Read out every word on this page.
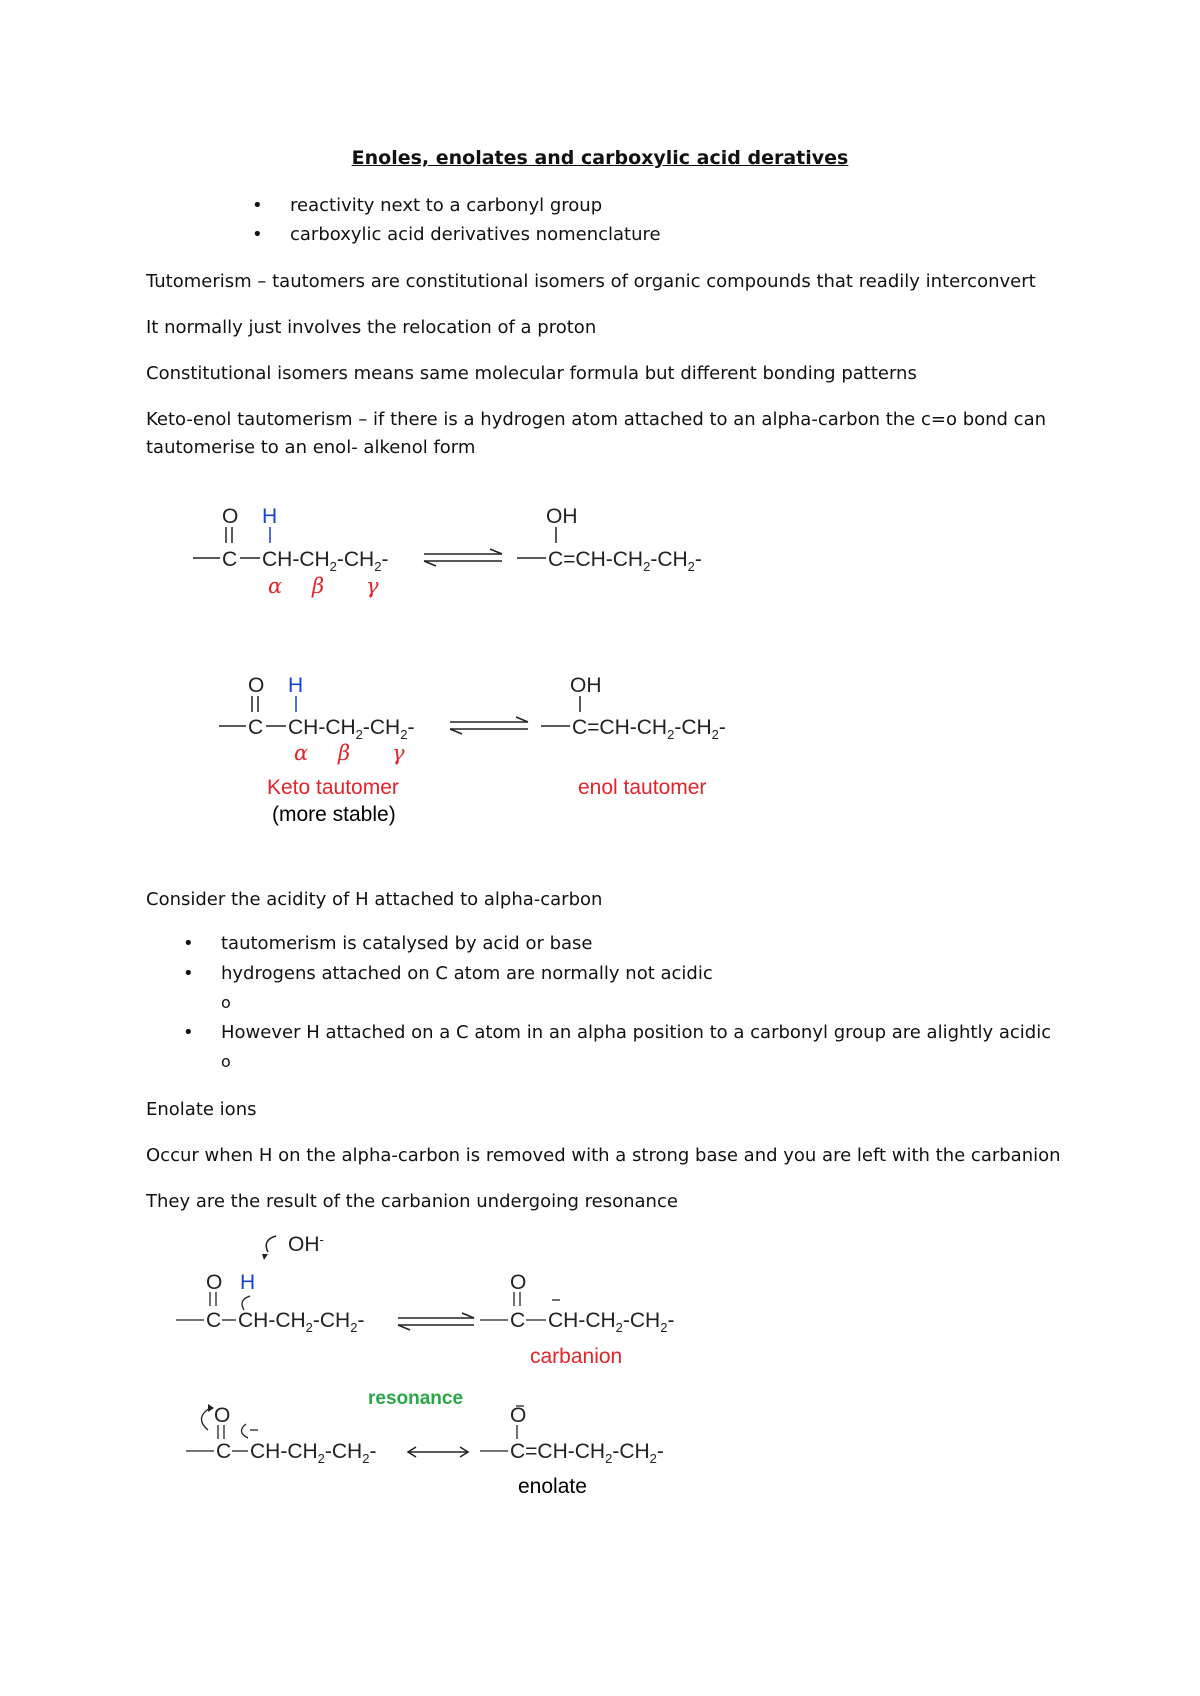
Enoles, enolates and carboxylic acid deratives
• reactivity next to a carbonyl group
• carboxylic acid derivatives nomenclature
Tutomerism – tautomers are constitutional isomers of organic compounds that readily interconvert
It normally just involves the relocation of a proton
Constitutional isomers means same molecular formula but different bonding patterns
Keto-enol tautomerism – if there is a hydrogen atom attached to an alpha-carbon the c=o bond can
tautomerise to an enol- alkenol form
O H
C $CH-CH_2-CH_2-$
α β γ
OH
$C=CH-CH_2-CH_2-$
O H
C $CH-CH_2-CH_2-$
α β γ
Keto tautomer
(more stable)
OH
$C=CH-CH_2-CH_2-$
enol tautomer
OH-
O H
C $CH-CH_2-CH_2-$
O
C $CH-CH_2-CH_2-$
carbanion
resonance
O
C $CH-CH_2-CH_2-$
O
$C=CH-CH_2-CH_2-$
enolate
Consider the acidity of H attached to alpha-carbon
• tautomerism is catalysed by acid or base
• hydrogens attached on C atom are normally not acidic
o
• However H attached on a C atom in an alpha position to a carbonyl group are alightly acidic
o
Enolate ions
Occur when H on the alpha-carbon is removed with a strong base and you are left with the carbanion
They are the result of the carbanion undergoing resonance
